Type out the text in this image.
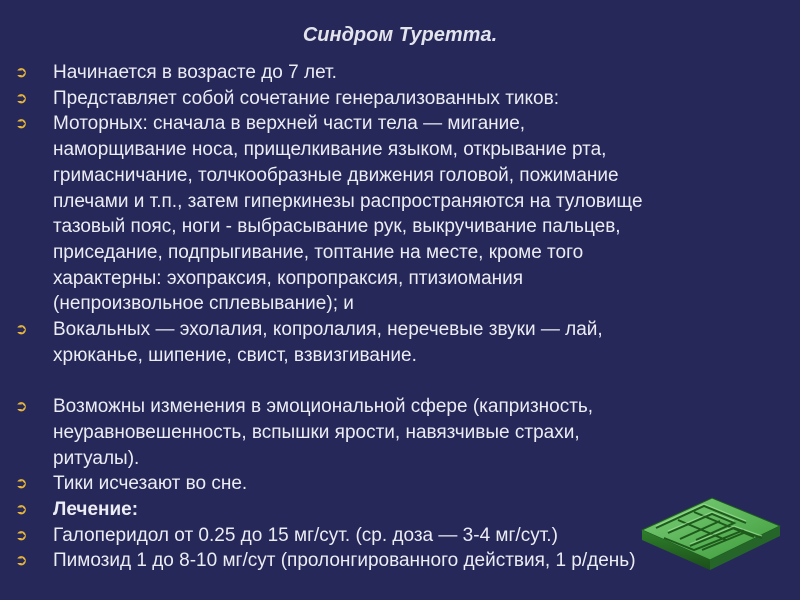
Синдром Туретта.
➲	Начинается в возрасте до 7 лет.
➲	Представляет собой сочетание генерализованных тиков:
➲	Моторных: сначала в верхней части тела — мигание,
наморщивание носа, прищелкивание языком, открывание рта,
гримасничание, толчкообразные движения головой, пожимание
плечами и т.п., затем гиперкинезы распространяются на туловище
тазовый пояс, ноги - выбрасывание рук, выкручивание пальцев,
приседание, подпрыгивание, топтание на месте, кроме того
характерны: эхопраксия, копропраксия, птизиомания
(непроизвольное сплевывание); и
➲	Вокальных — эхолалия, копролалия, неречевые звуки — лай,
хрюканье, шипение, свист, взвизгивание.
➲	Возможны изменения в эмоциональной сфере (капризность,
неуравновешенность, вспышки ярости, навязчивые страхи,
ритуалы).
➲	Тики исчезают во сне.
➲	Лечение:
➲	Галоперидол от 0.25 до 15 мг/сут. (ср. доза — 3-4 мг/сут.)
➲	Пимозид 1 до 8-10 мг/сут (пролонгированного действия, 1 р/день)
